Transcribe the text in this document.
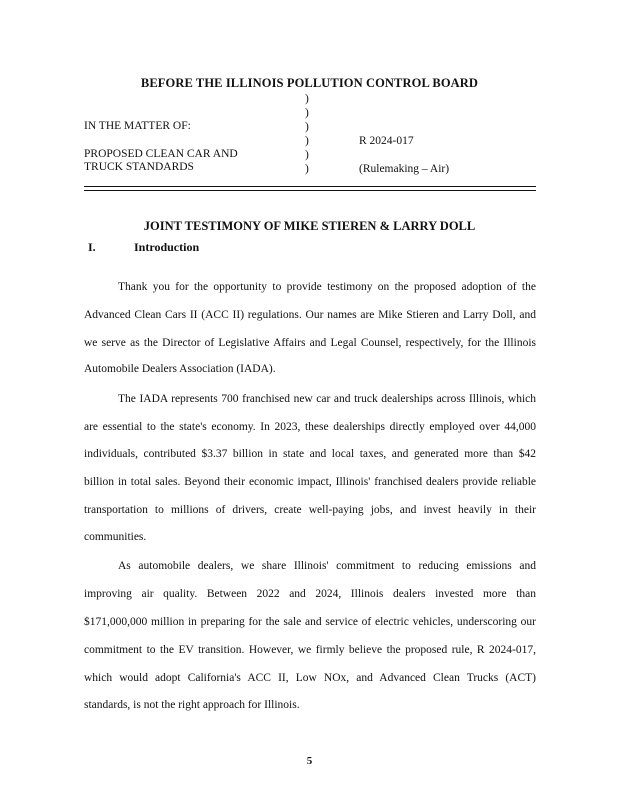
BEFORE THE ILLINOIS POLLUTION CONTROL BOARD
IN THE MATTER OF:
PROPOSED CLEAN CAR AND
TRUCK STANDARDS
)
)
)
)
)
)
R 2024-017
(Rulemaking – Air)
JOINT TESTIMONY OF MIKE STIEREN & LARRY DOLL
I.	Introduction
Thank you for the opportunity to provide testimony on the proposed adoption of the
Advanced Clean Cars II (ACC II) regulations. Our names are Mike Stieren and Larry Doll, and
we serve as the Director of Legislative Affairs and Legal Counsel, respectively, for the Illinois
Automobile Dealers Association (IADA).
The IADA represents 700 franchised new car and truck dealerships across Illinois, which
are essential to the state's economy. In 2023, these dealerships directly employed over 44,000
individuals, contributed $3.37 billion in state and local taxes, and generated more than $42
billion in total sales. Beyond their economic impact, Illinois' franchised dealers provide reliable
transportation to millions of drivers, create well-paying jobs, and invest heavily in their
communities.
As automobile dealers, we share Illinois' commitment to reducing emissions and
improving air quality. Between 2022 and 2024, Illinois dealers invested more than
$171,000,000 million in preparing for the sale and service of electric vehicles, underscoring our
commitment to the EV transition. However, we firmly believe the proposed rule, R 2024-017,
which would adopt California's ACC II, Low NOx, and Advanced Clean Trucks (ACT)
standards, is not the right approach for Illinois.
5
